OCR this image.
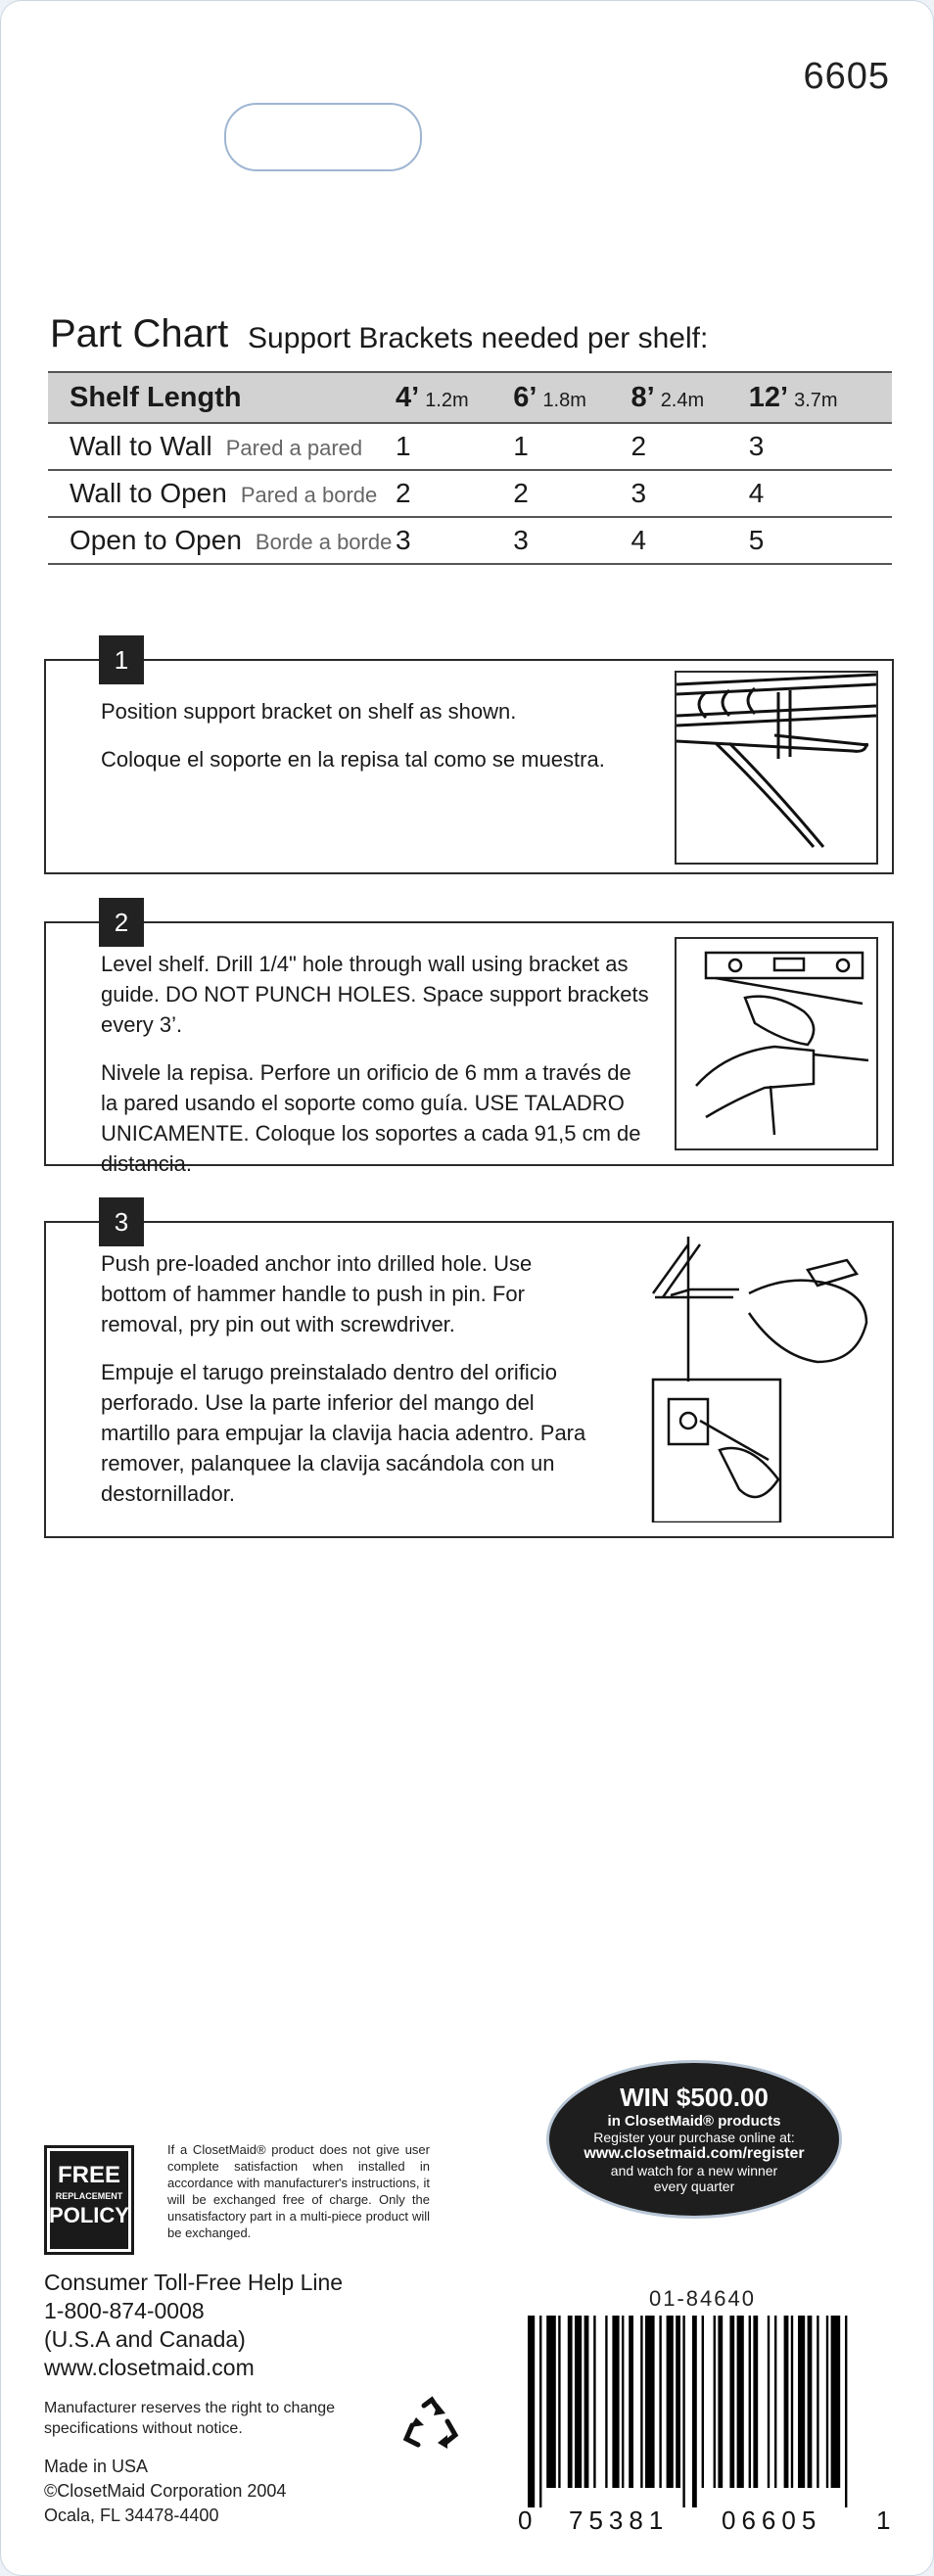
6605
Part Chart Support Brackets needed per shelf:
Shelf Length	4’ 1.2m	6’ 1.8m	8’ 2.4m	12’ 3.7m
Wall to Wall Pared a pared	1	1	2	3
Wall to Open Pared a borde	2	2	3	4
Open to Open Borde a borde	3	3	4	5
1

Position support bracket on shelf as shown.

Coloque el soporte en la repisa tal como se muestra.

2

Level shelf. Drill 1/4" hole through wall using bracket as guide. DO NOT PUNCH HOLES. Space support brackets every 3’.

Nivele la repisa. Perfore un orificio de 6 mm a través de la pared usando el soporte como guía. USE TALADRO UNICAMENTE. Coloque los soportes a cada 91,5 cm de distancia.

3

Push pre-loaded anchor into drilled hole. Use bottom of hammer handle to push in pin. For removal, pry pin out with screwdriver.

Empuje el tarugo preinstalado dentro del orificio perforado. Use la parte inferior del mango del martillo para empujar la clavija hacia adentro. Para remover, palanquee la clavija sacándola con un destornillador.

WIN $500.00
in ClosetMaid® products
Register your purchase online at:
www.closetmaid.com/register
and watch for a new winner
every quarter
FREE
REPLACEMENT
POLICY
If a ClosetMaid® product does not give user complete satisfaction when installed in accordance with manufacturer's instructions, it will be exchanged free of charge. Only the unsatisfactory part in a multi-piece product will be exchanged.
Consumer Toll-Free Help Line
1-800-874-0008
(U.S.A and Canada)
www.closetmaid.com
Manufacturer reserves the right to change
specifications without notice.
Made in USA
©ClosetMaid Corporation 2004
Ocala, FL 34478-4400
01-84640
0 75381 06605 1
